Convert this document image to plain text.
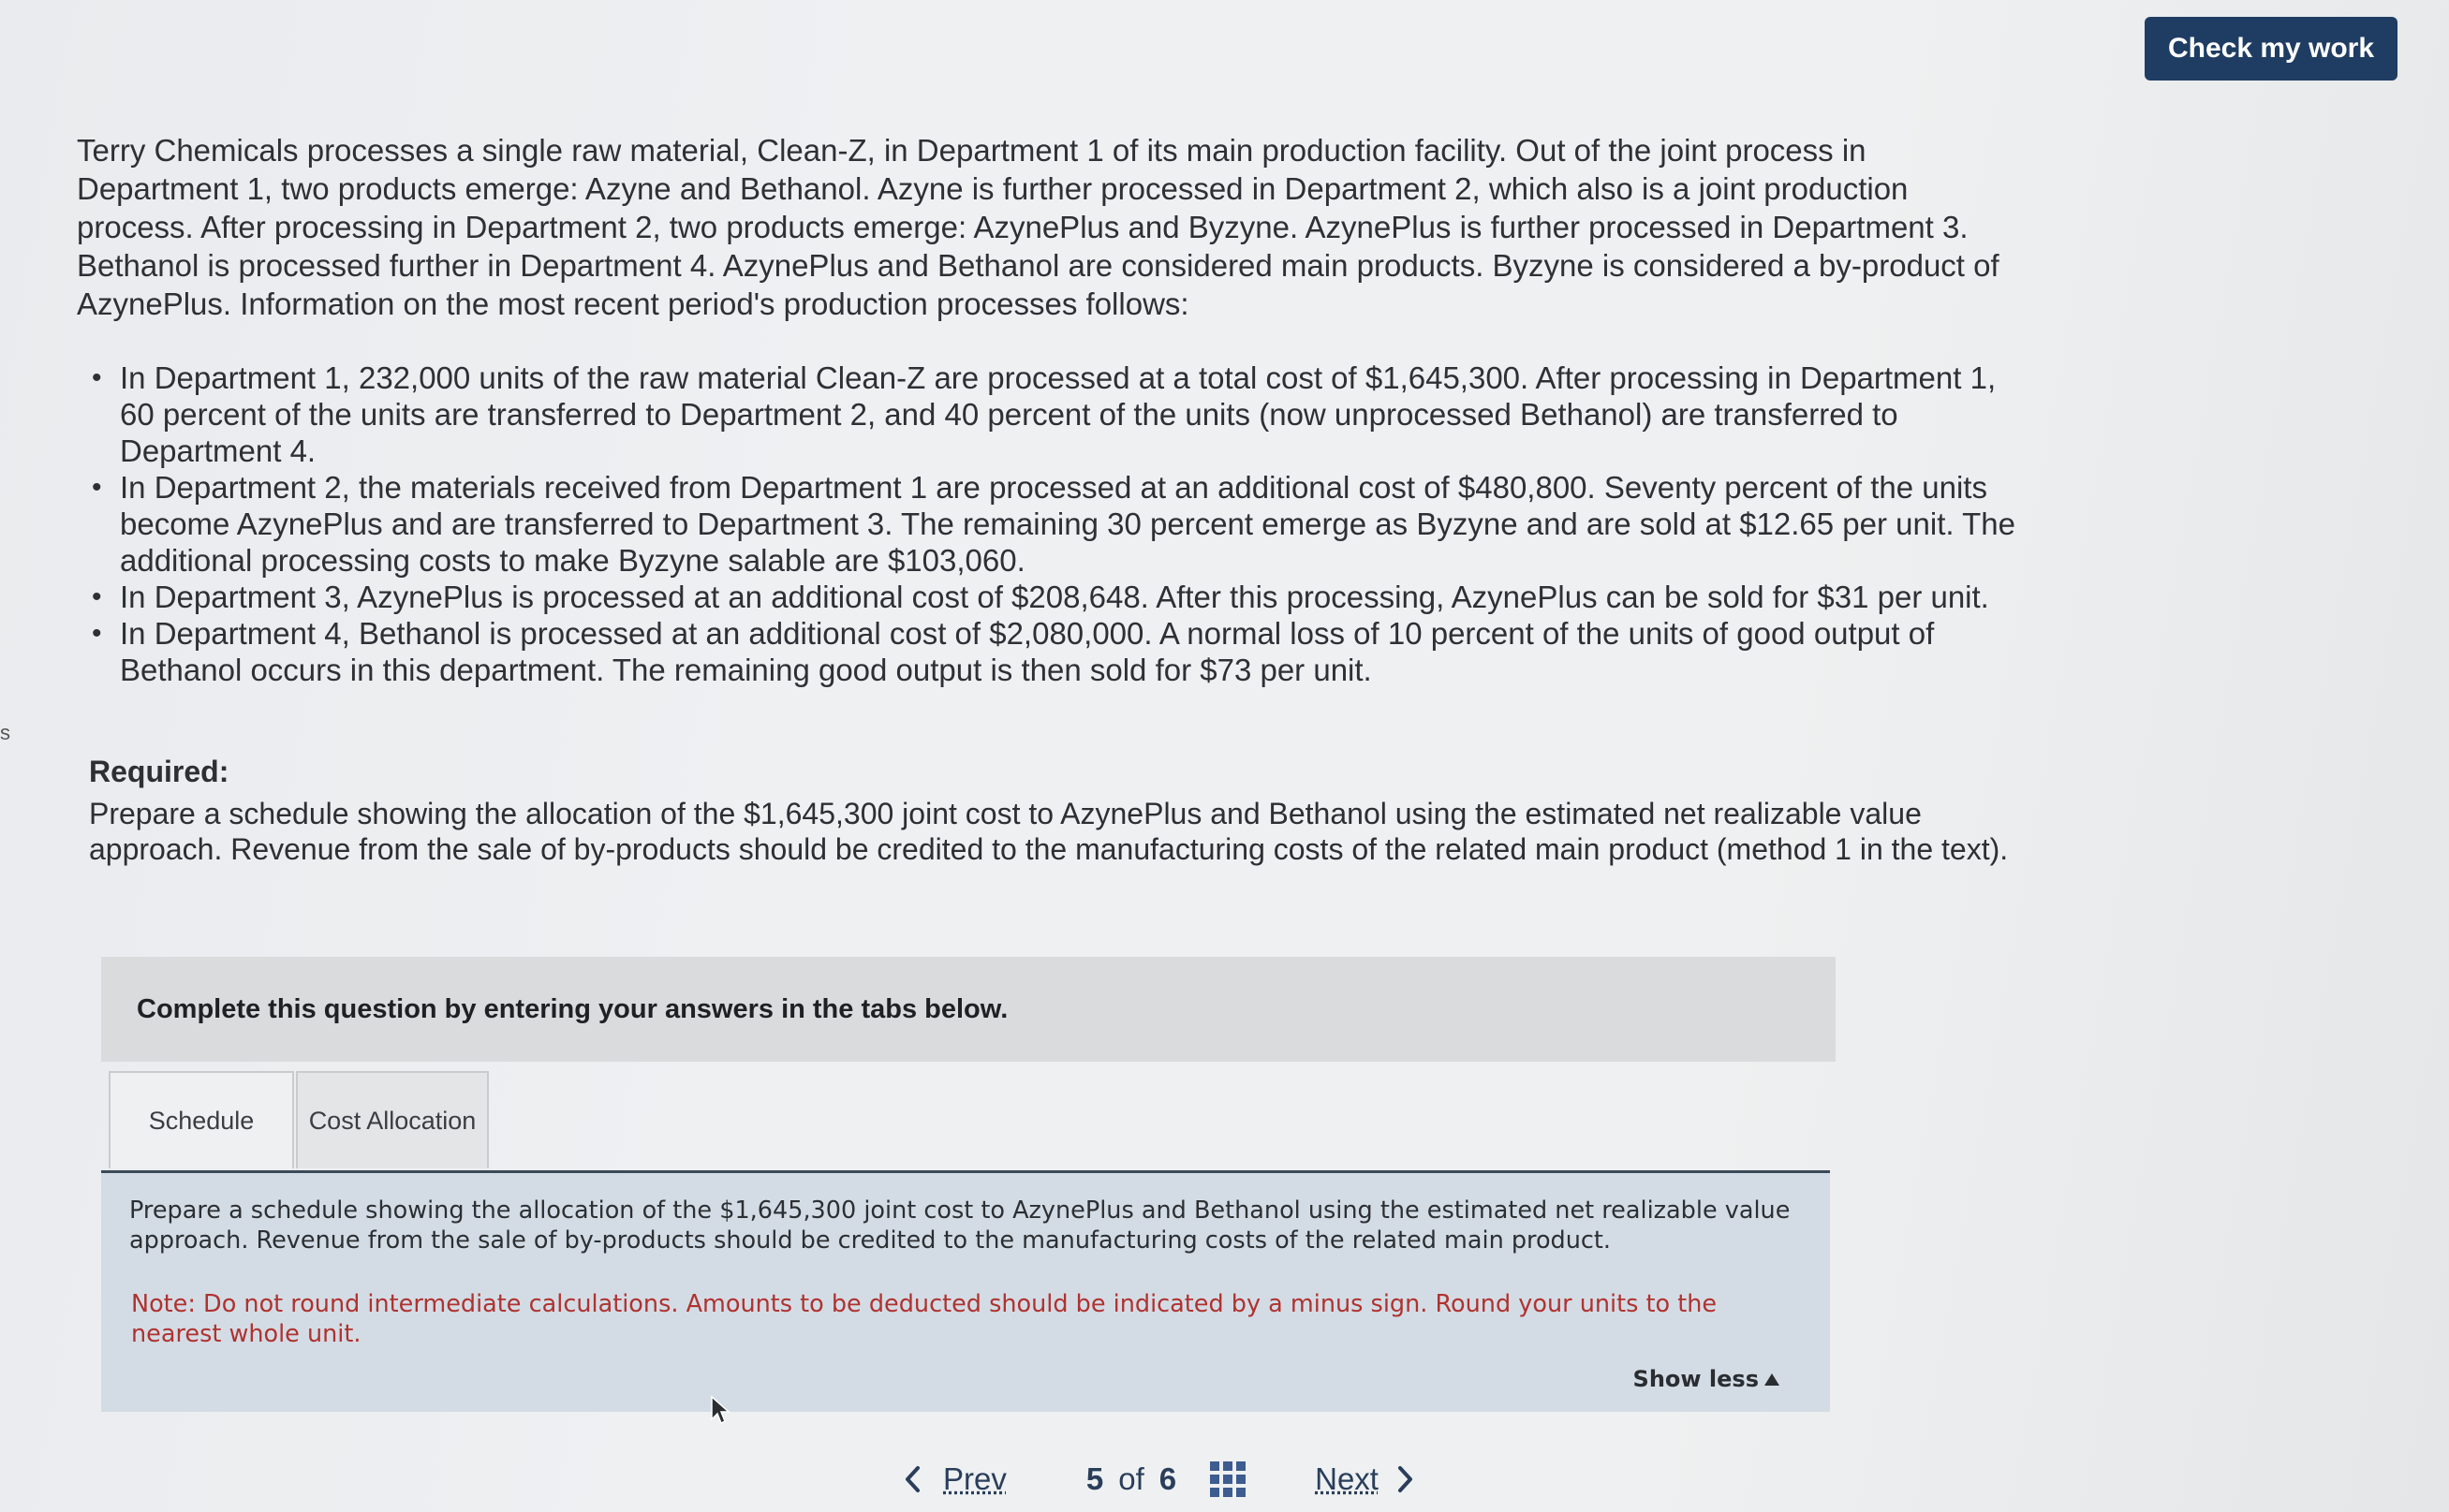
Check my work

Terry Chemicals processes a single raw material, Clean-Z, in Department 1 of its main production facility. Out of the joint process in Department 1, two products emerge: Azyne and Bethanol. Azyne is further processed in Department 2, which also is a joint production process. After processing in Department 2, two products emerge: AzynePlus and Byzyne. AzynePlus is further processed in Department 3. Bethanol is processed further in Department 4. AzynePlus and Bethanol are considered main products. Byzyne is considered a by-product of AzynePlus. Information on the most recent period's production processes follows:

• In Department 1, 232,000 units of the raw material Clean-Z are processed at a total cost of $1,645,300. After processing in Department 1, 60 percent of the units are transferred to Department 2, and 40 percent of the units (now unprocessed Bethanol) are transferred to Department 4.
• In Department 2, the materials received from Department 1 are processed at an additional cost of $480,800. Seventy percent of the units become AzynePlus and are transferred to Department 3. The remaining 30 percent emerge as Byzyne and are sold at $12.65 per unit. The additional processing costs to make Byzyne salable are $103,060.
• In Department 3, AzynePlus is processed at an additional cost of $208,648. After this processing, AzynePlus can be sold for $31 per unit.
• In Department 4, Bethanol is processed at an additional cost of $2,080,000. A normal loss of 10 percent of the units of good output of Bethanol occurs in this department. The remaining good output is then sold for $73 per unit.
s

Required:

Prepare a schedule showing the allocation of the $1,645,300 joint cost to AzynePlus and Bethanol using the estimated net realizable value approach. Revenue from the sale of by-products should be credited to the manufacturing costs of the related main product (method 1 in the text).

Complete this question by entering your answers in the tabs below.
Schedule Cost Allocation

Prepare a schedule showing the allocation of the $1,645,300 joint cost to AzynePlus and Bethanol using the estimated net realizable value approach. Revenue from the sale of by-products should be credited to the manufacturing costs of the related main product.

Note: Do not round intermediate calculations. Amounts to be deducted should be indicated by a minus sign. Round your units to the nearest whole unit.

Show less
Prev	5 of 6	Next
